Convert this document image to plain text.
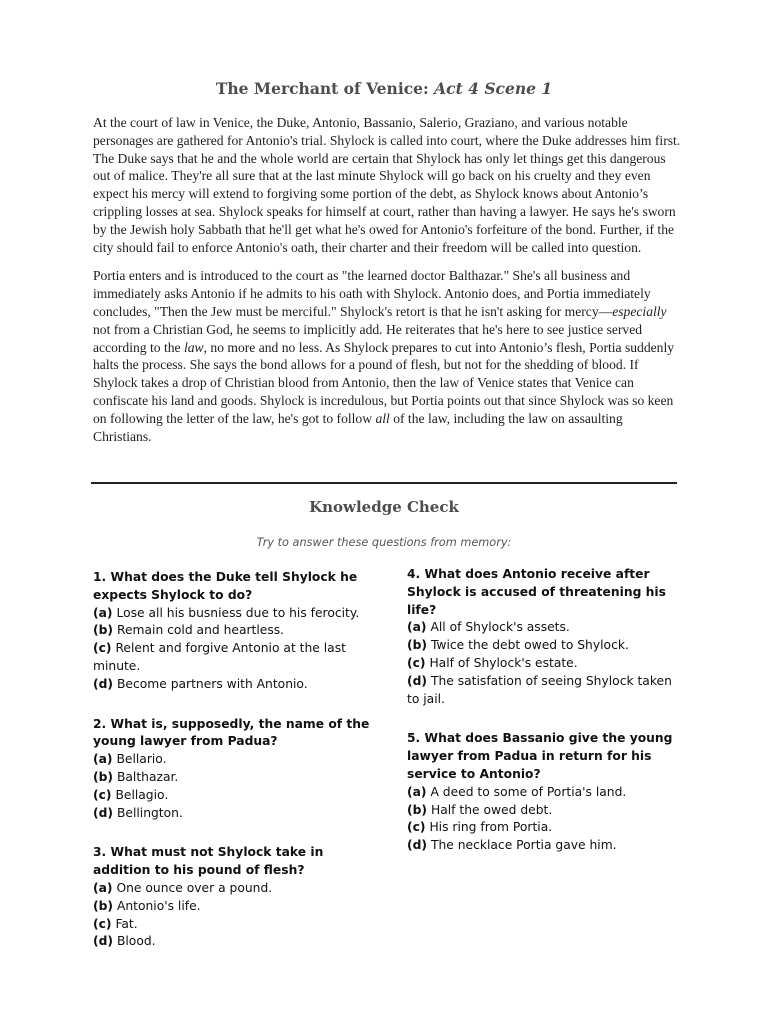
The Merchant of Venice: Act 4 Scene 1

At the court of law in Venice, the Duke, Antonio, Bassanio, Salerio, Graziano, and various notable personages are gathered for Antonio's trial. Shylock is called into court, where the Duke addresses him first. The Duke says that he and the whole world are certain that Shylock has only let things get this dangerous out of malice. They're all sure that at the last minute Shylock will go back on his cruelty and they even expect his mercy will extend to forgiving some portion of the debt, as Shylock knows about Antonio’s crippling losses at sea. Shylock speaks for himself at court, rather than having a lawyer. He says he's sworn by the Jewish holy Sabbath that he'll get what he's owed for Antonio's forfeiture of the bond. Further, if the city should fail to enforce Antonio's oath, their charter and their freedom will be called into question.

Portia enters and is introduced to the court as "the learned doctor Balthazar." She's all business and immediately asks Antonio if he admits to his oath with Shylock. Antonio does, and Portia immediately concludes, "Then the Jew must be merciful." Shylock's retort is that he isn't asking for mercy—especially not from a Christian God, he seems to implicitly add. He reiterates that he's here to see justice served according to the law, no more and no less. As Shylock prepares to cut into Antonio’s flesh, Portia suddenly halts the process. She says the bond allows for a pound of flesh, but not for the shedding of blood. If Shylock takes a drop of Christian blood from Antonio, then the law of Venice states that Venice can confiscate his land and goods. Shylock is incredulous, but Portia points out that since Shylock was so keen on following the letter of the law, he's got to follow all of the law, including the law on assaulting Christians.

Knowledge Check
Try to answer these questions from memory:
1. What does the Duke tell Shylock he expects Shylock to do?
(a) Lose all his busniess due to his ferocity.
(b) Remain cold and heartless.
(c) Relent and forgive Antonio at the last minute.
(d) Become partners with Antonio.
2. What is, supposedly, the name of the young lawyer from Padua?
(a) Bellario.
(b) Balthazar.
(c) Bellagio.
(d) Bellington.
3. What must not Shylock take in addition to his pound of flesh?
(a) One ounce over a pound.
(b) Antonio's life.
(c) Fat.
(d) Blood.
4. What does Antonio receive after Shylock is accused of threatening his life?
(a) All of Shylock's assets.
(b) Twice the debt owed to Shylock.
(c) Half of Shylock's estate.
(d) The satisfation of seeing Shylock taken to jail.
5. What does Bassanio give the young lawyer from Padua in return for his service to Antonio?
(a) A deed to some of Portia's land.
(b) Half the owed debt.
(c) His ring from Portia.
(d) The necklace Portia gave him.
